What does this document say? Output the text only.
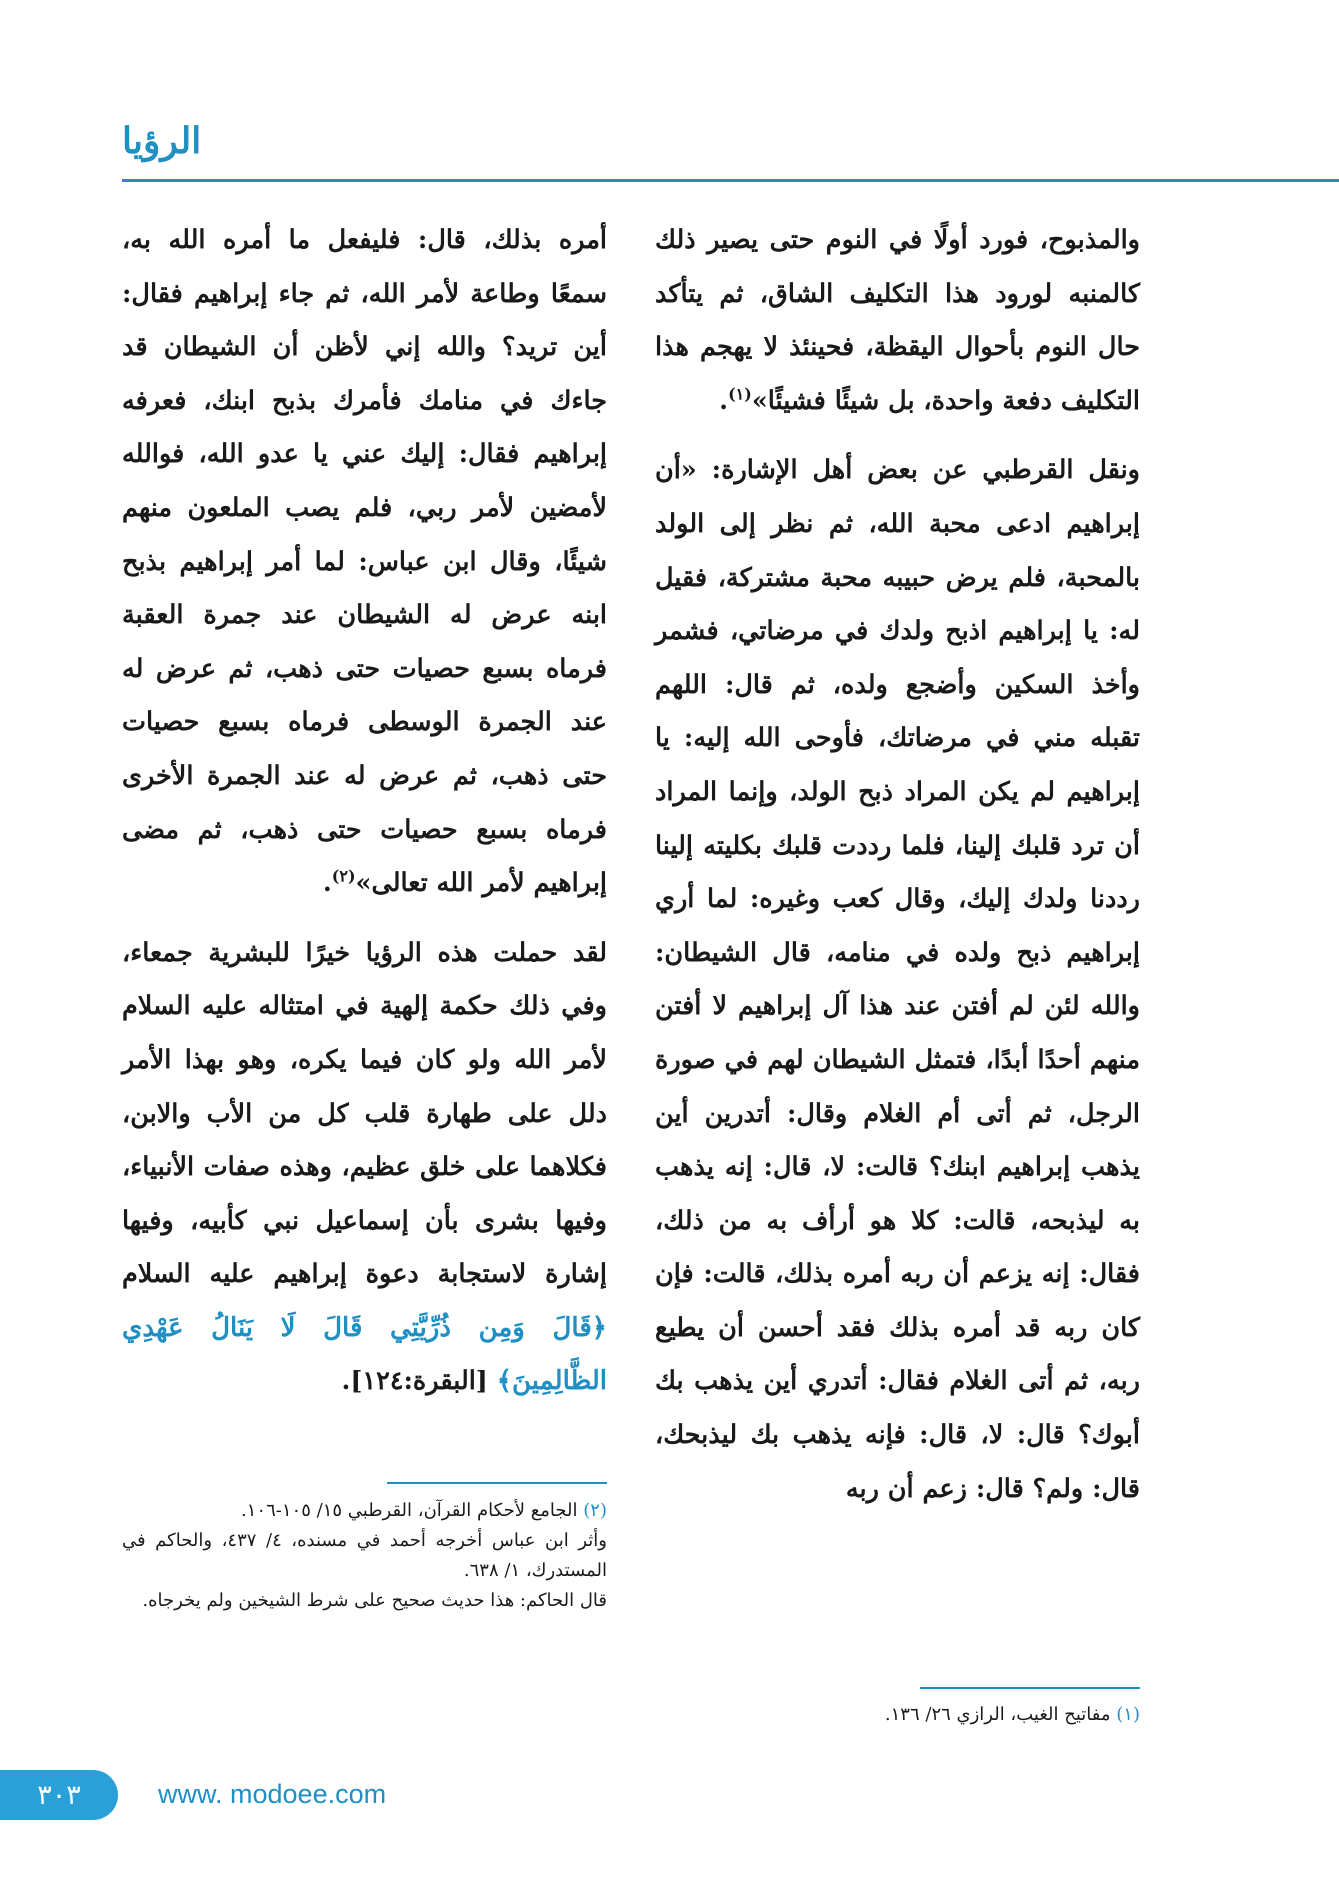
الرؤيا

والمذبوح، فورد أولًا في النوم حتى يصير ذلك كالمنبه لورود هذا التكليف الشاق، ثم يتأكد حال النوم بأحوال اليقظة، فحينئذ لا يهجم هذا التكليف دفعة واحدة، بل شيئًا فشيئًا»$^{(١)}$.

ونقل القرطبي عن بعض أهل الإشارة: «أن إبراهيم ادعى محبة الله، ثم نظر إلى الولد بالمحبة، فلم يرض حبيبه محبة مشتركة، فقيل له: يا إبراهيم اذبح ولدك في مرضاتي، فشمر وأخذ السكين وأضجع ولده، ثم قال: اللهم تقبله مني في مرضاتك، فأوحى الله إليه: يا إبراهيم لم يكن المراد ذبح الولد، وإنما المراد أن ترد قلبك إلينا، فلما رددت قلبك بكليته إلينا رددنا ولدك إليك، وقال كعب وغيره: لما أري إبراهيم ذبح ولده في منامه، قال الشيطان: والله لئن لم أفتن عند هذا آل إبراهيم لا أفتن منهم أحدًا أبدًا، فتمثل الشيطان لهم في صورة الرجل، ثم أتى أم الغلام وقال: أتدرين أين يذهب إبراهيم ابنك؟ قالت: لا، قال: إنه يذهب به ليذبحه، قالت: كلا هو أرأف به من ذلك، فقال: إنه يزعم أن ربه أمره بذلك، قالت: فإن كان ربه قد أمره بذلك فقد أحسن أن يطيع ربه، ثم أتى الغلام فقال: أتدري أين يذهب بك أبوك؟ قال: لا، قال: فإنه يذهب بك ليذبحك، قال: ولم؟ قال: زعم أن ربه

أمره بذلك، قال: فليفعل ما أمره الله به، سمعًا وطاعة لأمر الله، ثم جاء إبراهيم فقال: أين تريد؟ والله إني لأظن أن الشيطان قد جاءك في منامك فأمرك بذبح ابنك، فعرفه إبراهيم فقال: إليك عني يا عدو الله، فوالله لأمضين لأمر ربي، فلم يصب الملعون منهم شيئًا، وقال ابن عباس: لما أمر إبراهيم بذبح ابنه عرض له الشيطان عند جمرة العقبة فرماه بسبع حصيات حتى ذهب، ثم عرض له عند الجمرة الوسطى فرماه بسبع حصيات حتى ذهب، ثم عرض له عند الجمرة الأخرى فرماه بسبع حصيات حتى ذهب، ثم مضى إبراهيم لأمر الله تعالى»$^{(٢)}$.

لقد حملت هذه الرؤيا خيرًا للبشرية جمعاء، وفي ذلك حكمة إلهية في امتثاله عليه السلام لأمر الله ولو كان فيما يكره، وهو بهذا الأمر دلل على طهارة قلب كل من الأب والابن، فكلاهما على خلق عظيم، وهذه صفات الأنبياء، وفيها بشرى بأن إسماعيل نبي كأبيه، وفيها إشارة لاستجابة دعوة إبراهيم عليه السلام ﴿قَالَ وَمِن ذُرِّيَّتِي قَالَ لَا يَنَالُ عَهْدِي الظَّالِمِينَ﴾ [البقرة:١٢٤].

(١) مفاتيح الغيب، الرازي ٢٦/ ١٣٦.

(٢) الجامع لأحكام القرآن، القرطبي ١٥/ ١٠٥-١٠٦.

وأثر ابن عباس أخرجه أحمد في مسنده، ٤/ ٤٣٧، والحاكم في المستدرك، ١/ ٦٣٨.

قال الحاكم: هذا حديث صحيح على شرط الشيخين ولم يخرجاه.

٣٠٣	www. modoee.com
